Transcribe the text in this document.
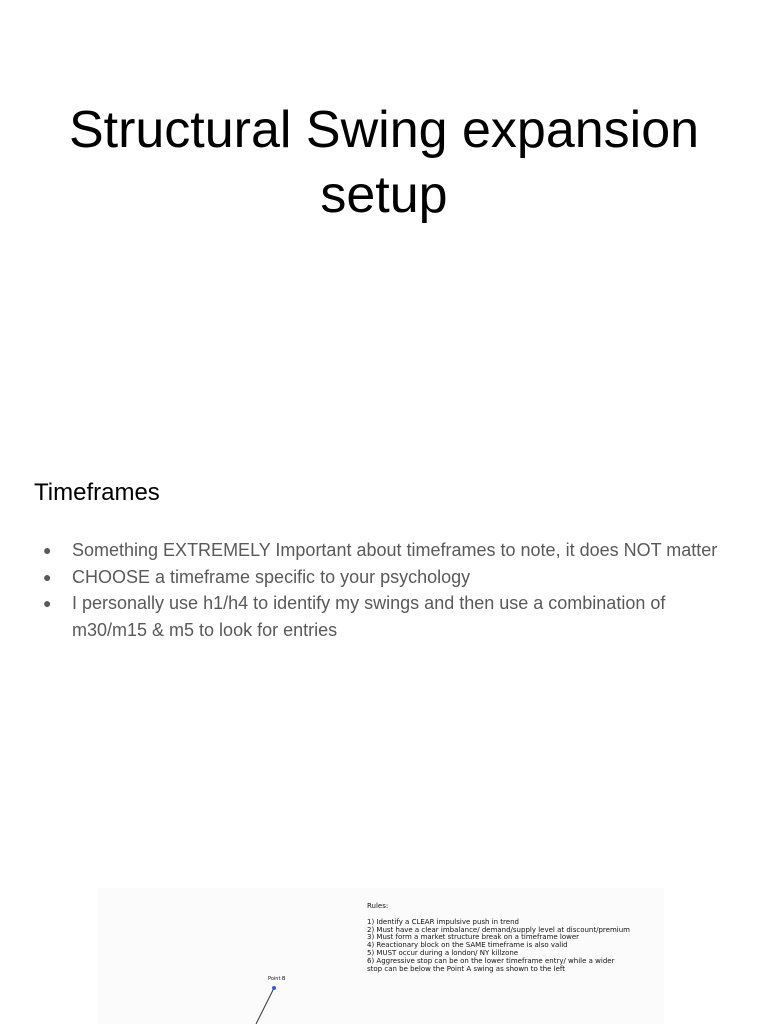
Structural Swing expansion
setup
Timeframes
● Something EXTREMELY Important about timeframes to note, it does NOT matter
● CHOOSE a timeframe specific to your psychology
● I personally use h1/h4 to identify my swings and then use a combination of m30/m15 & m5 to look for entries
Point B
Rules:
1) Identify a CLEAR impulsive push in trend
2) Must have a clear imbalance/ demand/supply level at discount/premium
3) Must form a market structure break on a timeframe lower
4) Reactionary block on the SAME timeframe is also valid
5) MUST occur during a london/ NY killzone
6) Aggressive stop can be on the lower timeframe entry/ while a wider
stop can be below the Point A swing as shown to the left
